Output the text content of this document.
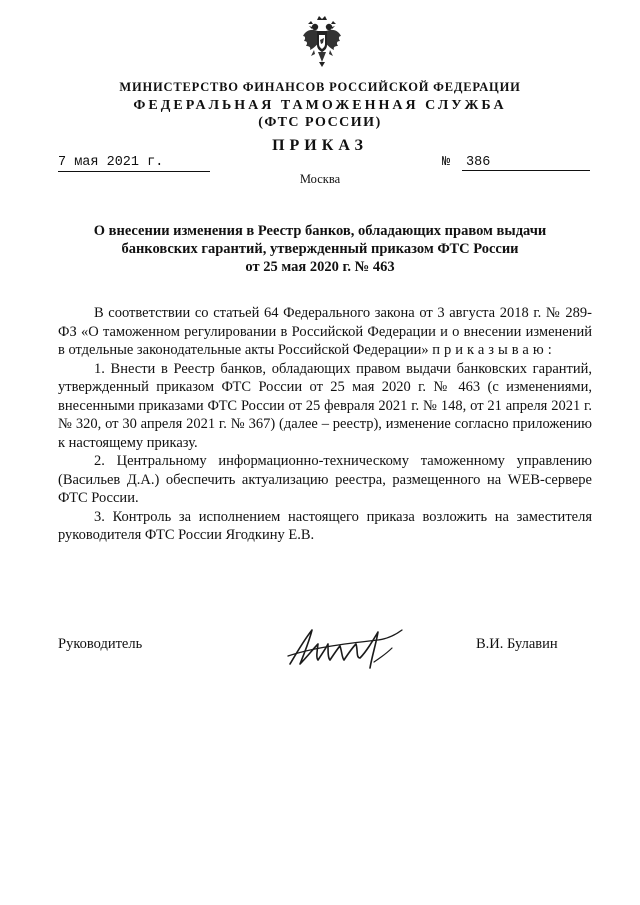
МИНИСТЕРСТВО ФИНАНСОВ РОССИЙСКОЙ ФЕДЕРАЦИИ
ФЕДЕРАЛЬНАЯ ТАМОЖЕННАЯ СЛУЖБА
(ФТС РОССИИ)
ПРИКАЗ
7 мая 2021 г.	№ 386
Москва
О внесении изменения в Реестр банков, обладающих правом выдачи
банковских гарантий, утвержденный приказом ФТС России
от 25 мая 2020 г. № 463

В соответствии со статьей 64 Федерального закона от 3 августа 2018 г. № 289-ФЗ «О таможенном регулировании в Российской Федерации и о внесении изменений в отдельные законодательные акты Российской Федерации» приказываю:

1. Внести в Реестр банков, обладающих правом выдачи банковских гарантий, утвержденный приказом ФТС России от 25 мая 2020 г. № 463 (с изменениями, внесенными приказами ФТС России от 25 февраля 2021 г. № 148, от 21 апреля 2021 г. № 320, от 30 апреля 2021 г. № 367) (далее – реестр), изменение согласно приложению к настоящему приказу.

2. Центральному информационно-техническому таможенному управлению (Васильев Д.А.) обеспечить актуализацию реестра, размещенного на WEB-сервере ФТС России.

3. Контроль за исполнением настоящего приказа возложить на заместителя руководителя ФТС России Ягодкину Е.В.

Руководитель	В.И. Булавин
